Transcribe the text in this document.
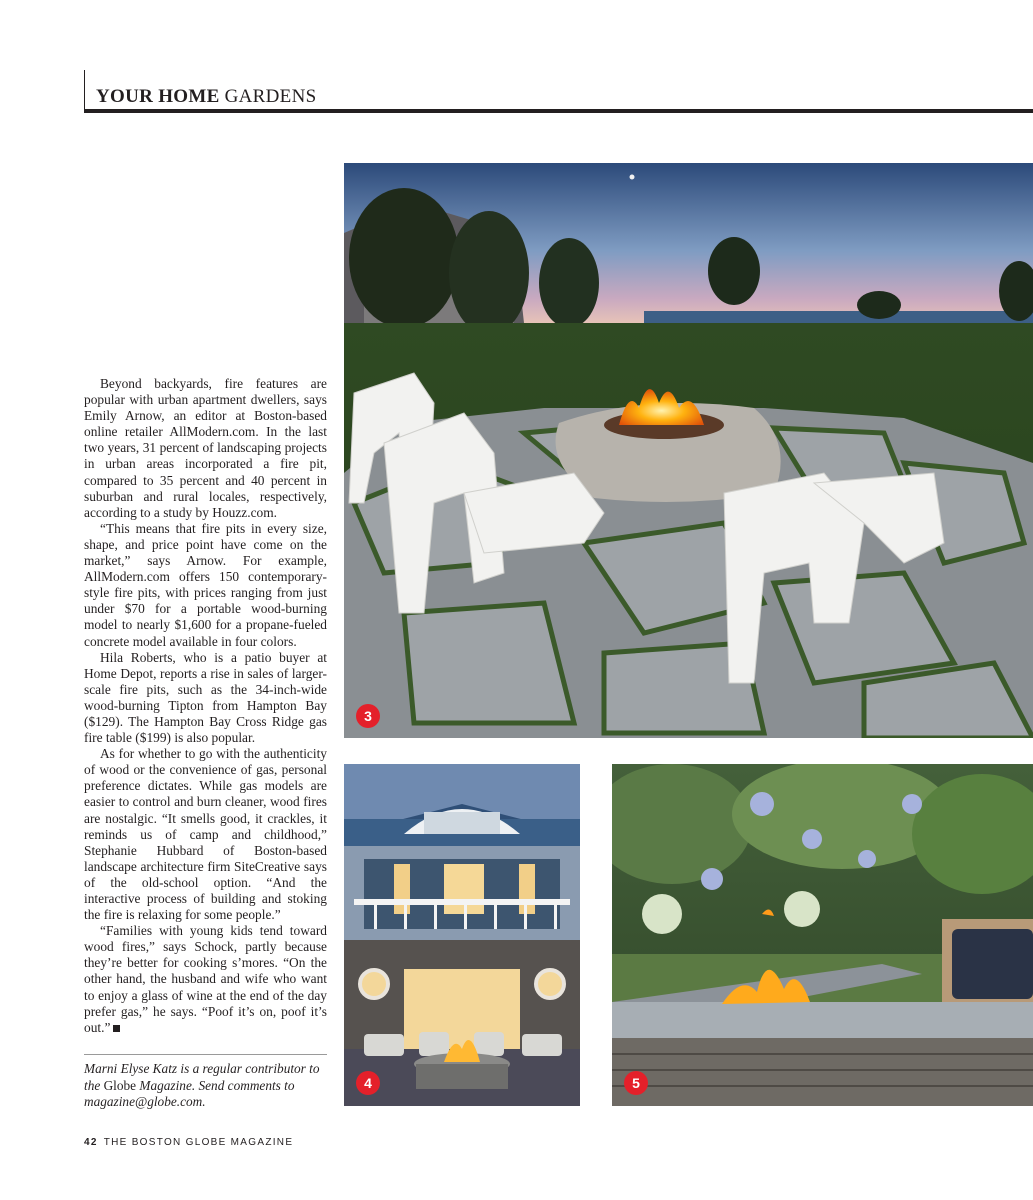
YOUR HOME GARDENS
3
4	5

Beyond backyards, fire features are popular with urban apartment dwellers, says Emily Arnow, an editor at Boston-based online retailer AllModern.com. In the last two years, 31 percent of landscaping projects in urban areas incorporated a fire pit, compared to 35 percent and 40 percent in suburban and rural locales, respectively, according to a study by Houzz.com.

“This means that fire pits in every size, shape, and price point have come on the market,” says Arnow. For example, AllModern.com offers 150 contemporary-style fire pits, with prices ranging from just under $70 for a portable wood-burning model to nearly $1,600 for a propane-fueled concrete model available in four colors.

Hila Roberts, who is a patio buyer at Home Depot, reports a rise in sales of larger-scale fire pits, such as the 34-inch-wide wood-burning Tipton from Hampton Bay ($129). The Hampton Bay Cross Ridge gas fire table ($199) is also popular.

As for whether to go with the authenticity of wood or the convenience of gas, personal preference dictates. While gas models are easier to control and burn cleaner, wood fires are nostalgic. “It smells good, it crackles, it reminds us of camp and childhood,” Stephanie Hubbard of Boston-based landscape architecture firm SiteCreative says of the old-school option. “And the interactive process of building and stoking the fire is relaxing for some people.”

“Families with young kids tend toward wood fires,” says Schock, partly because they’re better for cooking s’mores. “On the other hand, the husband and wife who want to enjoy a glass of wine at the end of the day prefer gas,” he says. “Poof it’s on, poof it’s out.”

Marni Elyse Katz is a regular contributor to the Globe Magazine. Send comments to magazine@globe.com.
42 THE BOSTON GLOBE MAGAZINE
